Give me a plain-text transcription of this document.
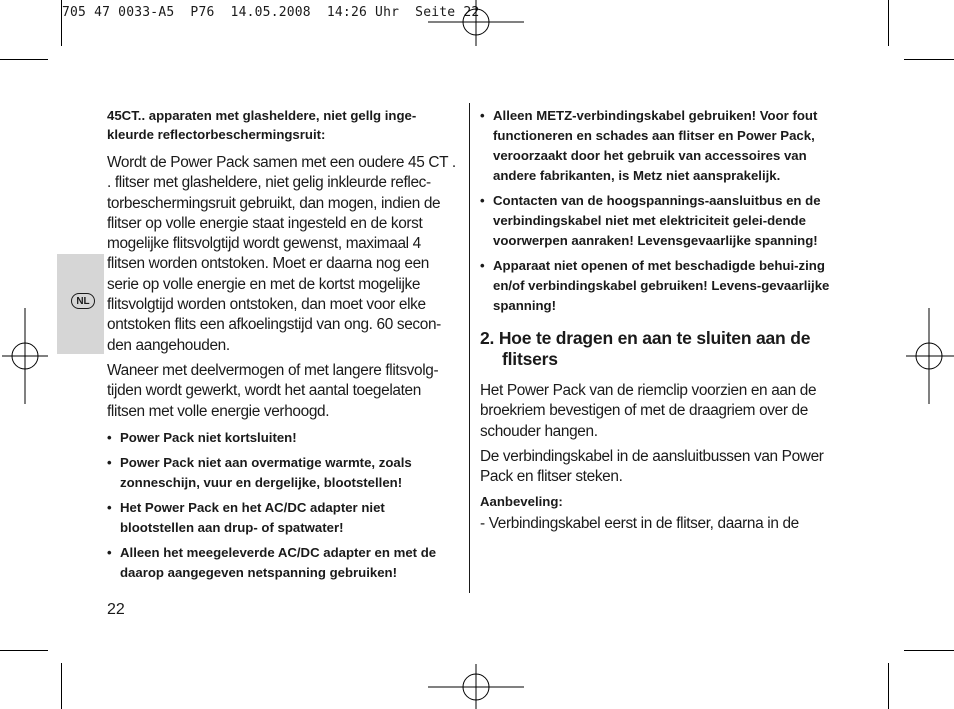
705 47 0033-A5  P76  14.05.2008  14:26 Uhr  Seite 22
NL
45CT.. apparaten met glasheldere, niet gellg inge-kleurde reflectorbeschermingsruit:
Wordt de Power Pack samen met een oudere 45 CT . . flitser met glasheldere, niet gelig inkleurde reflec-torbeschermingsruit gebruikt, dan mogen, indien de flitser op volle energie staat ingesteld en de korst mogelijke flitsvolgtijd wordt gewenst, maximaal 4 flitsen worden ontstoken. Moet er daarna nog een serie op volle energie en met de kortst mogelijke flitsvolgtijd worden ontstoken, dan moet voor elke ontstoken flits een afkoelingstijd van ong. 60 secon-den aangehouden.
Waneer met deelvermogen of met langere flitsvolg-tijden wordt gewerkt, wordt het aantal toegelaten flitsen met volle energie verhoogd.
• Power Pack niet kortsluiten!
• Power Pack niet aan overmatige warmte, zoals zonneschijn, vuur en dergelijke, blootstellen!
• Het Power Pack en het AC/DC adapter niet blootstellen aan drup- of spatwater!
• Alleen het meegeleverde AC/DC adapter en met de daarop aangegeven netspanning gebruiken!
• Alleen METZ-verbindingskabel gebruiken! Voor fout functioneren en schades aan flitser en Power Pack, veroorzaakt door het gebruik van accessoires van andere fabrikanten, is Metz niet aansprakelijk.
• Contacten van de hoogspannings-aansluitbus en de verbindingskabel niet met elektriciteit gelei-dende voorwerpen aanraken! Levensgevaarlijke spanning!
• Apparaat niet openen of met beschadigde behui-zing en/of verbindingskabel gebruiken! Levens-gevaarlijke spanning!
2. Hoe te dragen en aan te sluiten aan de flitsers
Het Power Pack van de riemclip voorzien en aan de broekriem bevestigen of met de draagriem over de schouder hangen.
De verbindingskabel in de aansluitbussen van Power Pack en flitser steken.
Aanbeveling:
- Verbindingskabel eerst in de flitser, daarna in de
22
